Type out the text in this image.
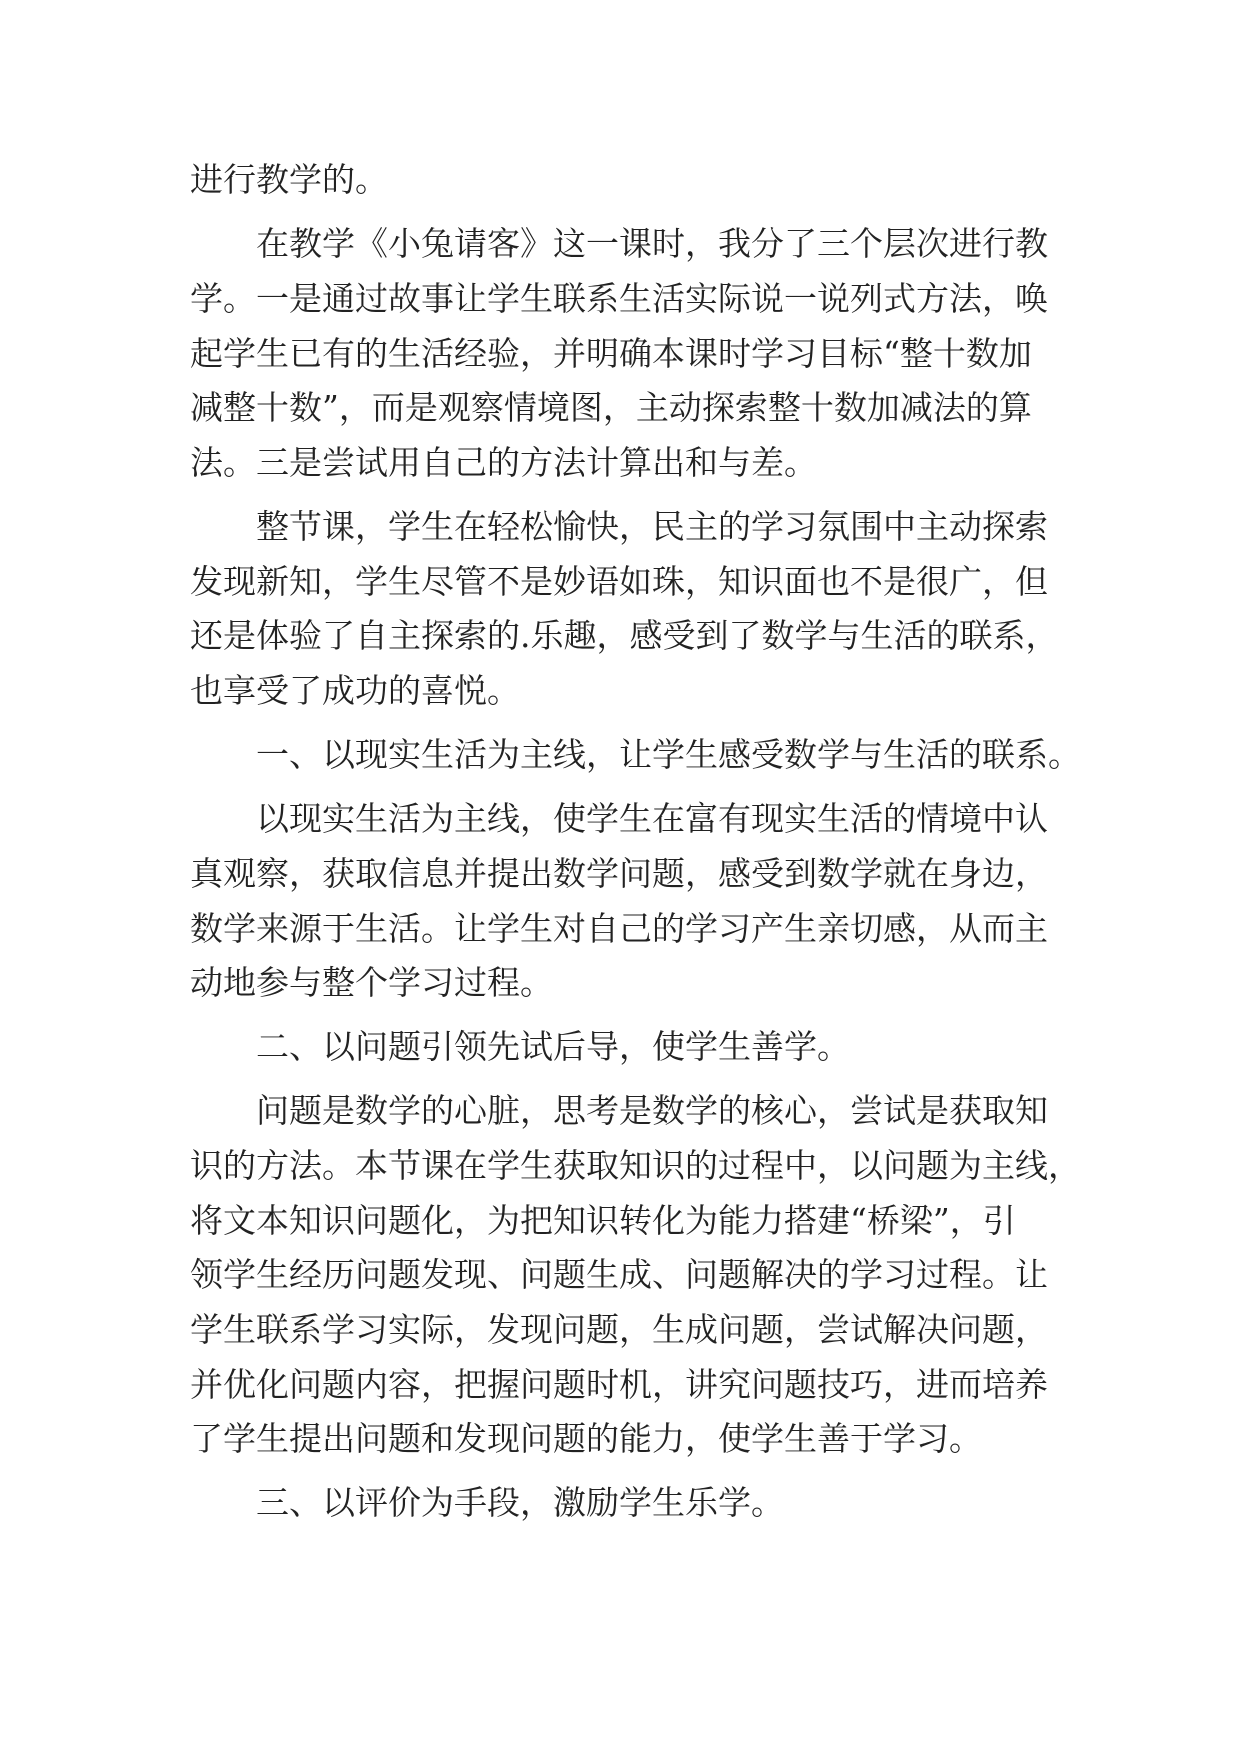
进行教学的。
在教学《小兔请客》这一课时，我分了三个层次进行教
学。一是通过故事让学生联系生活实际说一说列式方法，唤
起学生已有的生活经验，并明确本课时学习目标“整十数加
减整十数”，而是观察情境图，主动探索整十数加减法的算
法。三是尝试用自己的方法计算出和与差。
整节课，学生在轻松愉快，民主的学习氛围中主动探索
发现新知，学生尽管不是妙语如珠，知识面也不是很广，但
还是体验了自主探索的.乐趣，感受到了数学与生活的联系，
也享受了成功的喜悦。
一、以现实生活为主线，让学生感受数学与生活的联系。
以现实生活为主线，使学生在富有现实生活的情境中认
真观察，获取信息并提出数学问题，感受到数学就在身边，
数学来源于生活。让学生对自己的学习产生亲切感，从而主
动地参与整个学习过程。
二、以问题引领先试后导，使学生善学。
问题是数学的心脏，思考是数学的核心，尝试是获取知
识的方法。本节课在学生获取知识的过程中，以问题为主线，
将文本知识问题化，为把知识转化为能力搭建“桥梁”，引
领学生经历问题发现、问题生成、问题解决的学习过程。让
学生联系学习实际，发现问题，生成问题，尝试解决问题，
并优化问题内容，把握问题时机，讲究问题技巧，进而培养
了学生提出问题和发现问题的能力，使学生善于学习。
三、以评价为手段，激励学生乐学。
